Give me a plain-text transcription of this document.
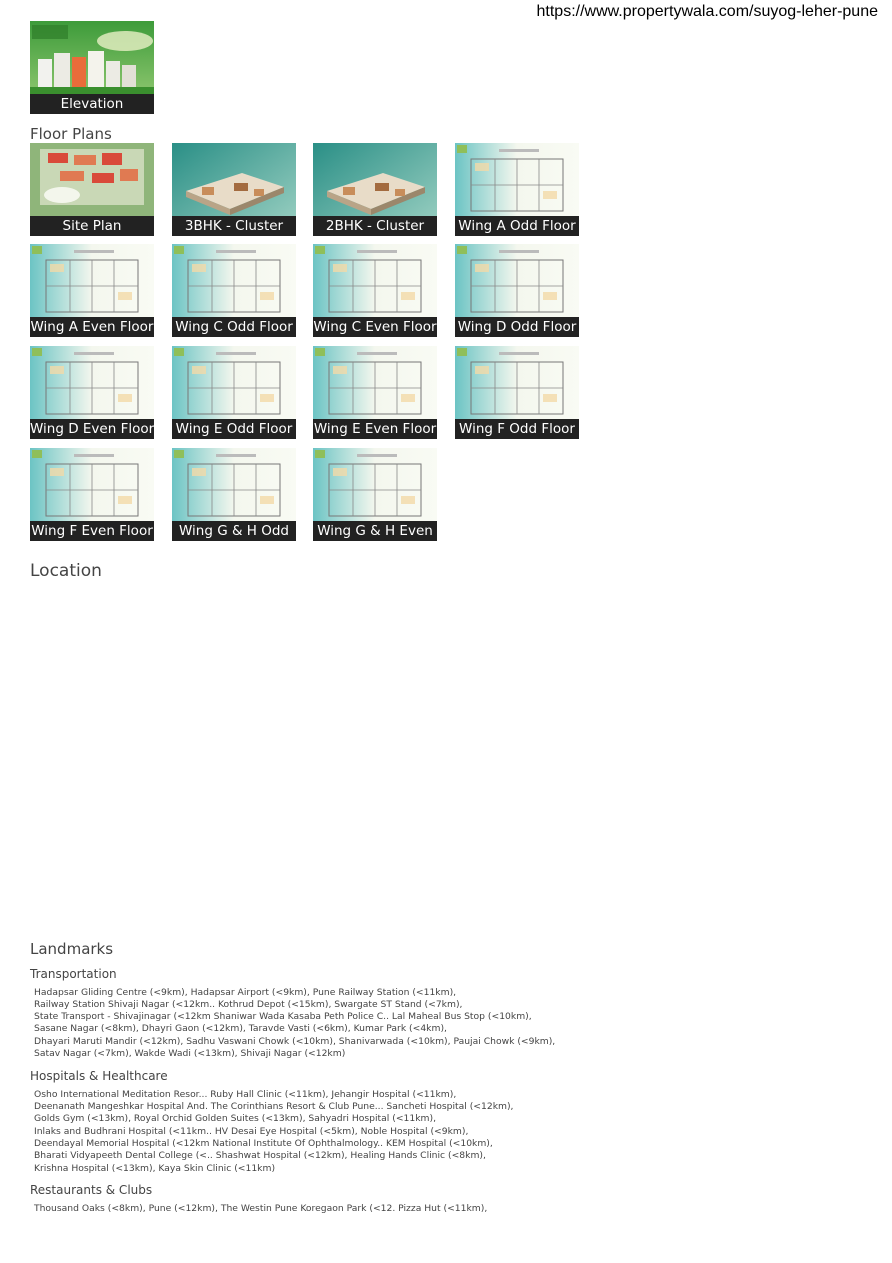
https://www.propertywala.com/suyog-leher-pune
Elevation
Floor Plans
Site Plan	3BHK - Cluster	2BHK - Cluster	Wing A Odd Floor
Wing A Even Floor Wing C Odd Floor Wing C Even Floor Wing D Odd Floor
Wing D Even Floor Wing E Odd Floor Wing E Even Floor Wing F Odd Floor
Wing F Even Floor	Wing G & H Odd	Wing G & H Even
Location
Landmarks
Transportation
Hadapsar Gliding Centre (<9km), Hadapsar Airport (<9km), Pune Railway Station (<11km),
Railway Station Shivaji Nagar (<12km.. Kothrud Depot (<15km), Swargate ST Stand (<7km),
State Transport - Shivajinagar (<12km Shaniwar Wada Kasaba Peth Police C.. Lal Maheal Bus Stop (<10km),
Sasane Nagar (<8km), Dhayri Gaon (<12km), Taravde Vasti (<6km), Kumar Park (<4km),
Dhayari Maruti Mandir (<12km), Sadhu Vaswani Chowk (<10km), Shanivarwada (<10km), Paujai Chowk (<9km),
Satav Nagar (<7km), Wakde Wadi (<13km), Shivaji Nagar (<12km)
Hospitals & Healthcare
Osho International Meditation Resor... Ruby Hall Clinic (<11km), Jehangir Hospital (<11km),
Deenanath Mangeshkar Hospital And. The Corinthians Resort & Club Pune... Sancheti Hospital (<12km),
Golds Gym (<13km), Royal Orchid Golden Suites (<13km), Sahyadri Hospital (<11km),
Inlaks and Budhrani Hospital (<11km.. HV Desai Eye Hospital (<5km), Noble Hospital (<9km),
Deendayal Memorial Hospital (<12km National Institute Of Ophthalmology.. KEM Hospital (<10km),
Bharati Vidyapeeth Dental College (<.. Shashwat Hospital (<12km), Healing Hands Clinic (<8km),
Krishna Hospital (<13km), Kaya Skin Clinic (<11km)
Restaurants & Clubs
Thousand Oaks (<8km), Pune (<12km), The Westin Pune Koregaon Park (<12. Pizza Hut (<11km),
